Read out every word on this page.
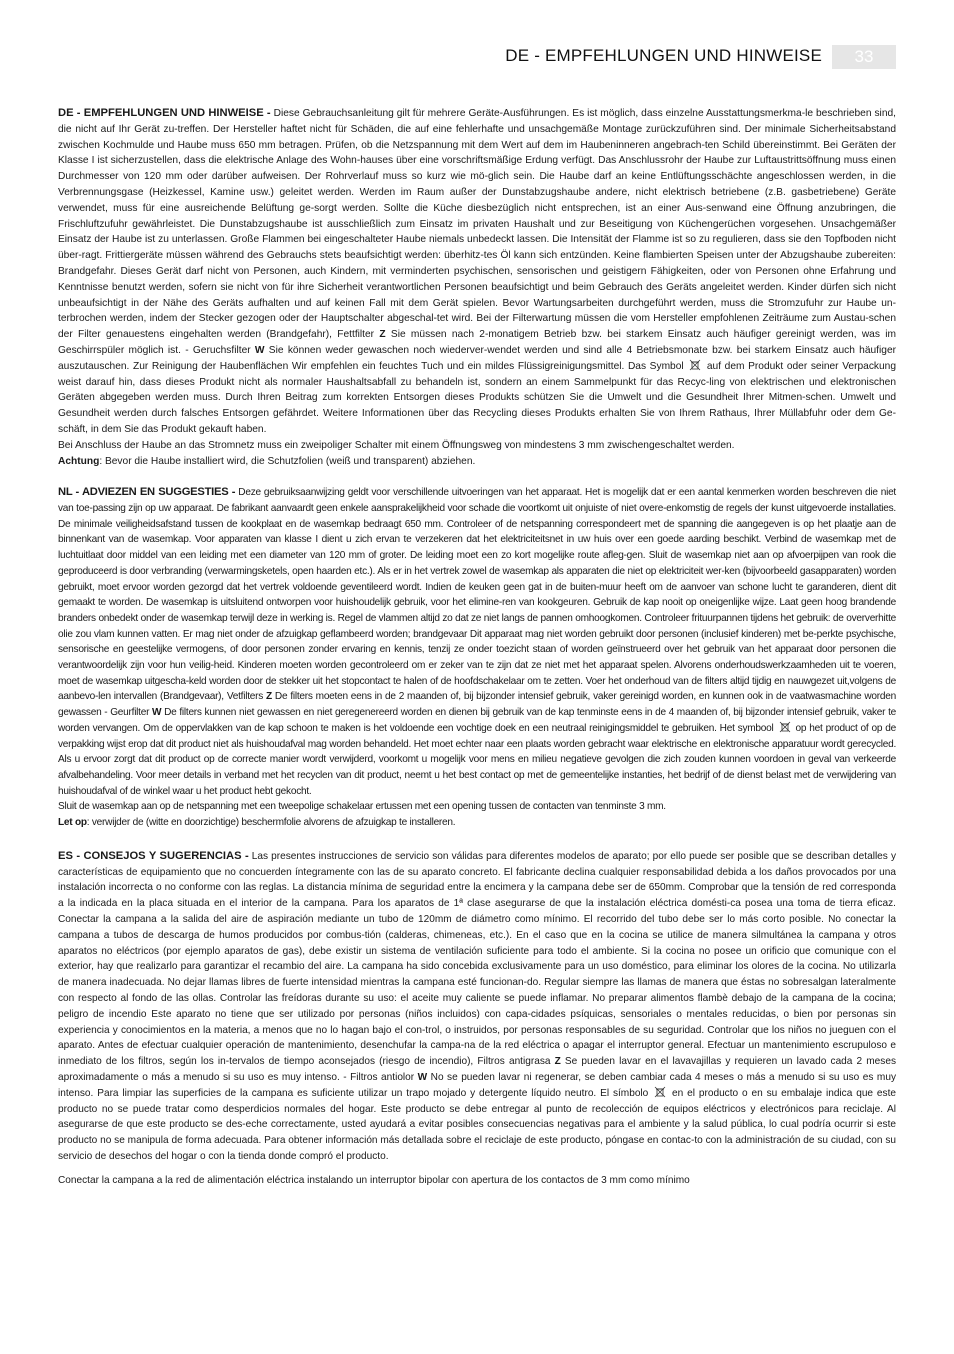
DE - EMPFEHLUNGEN UND HINWEISE	33

DE - EMPFEHLUNGEN UND HINWEISE - Diese Gebrauchsanleitung gilt für mehrere Geräte-Ausführungen. Es ist möglich, dass einzelne Ausstattungsmerkma-le beschrieben sind, die nicht auf Ihr Gerät zu-treffen. Der Hersteller haftet nicht für Schäden, die auf eine fehlerhafte und unsachgemäße Montage zurückzuführen sind. Der minimale Sicherheitsabstand zwischen Kochmulde und Haube muss 650 mm betragen. Prüfen, ob die Netzspannung mit dem Wert auf dem im Haubeninneren angebrach-ten Schild übereinstimmt. Bei Geräten der Klasse I ist sicherzustellen, dass die elektrische Anlage des Wohn-hauses über eine vorschriftsmäßige Erdung verfügt. Das Anschlussrohr der Haube zur Luftaustrittsöffnung muss einen Durchmesser von 120 mm oder darüber aufweisen. Der Rohrverlauf muss so kurz wie mö-glich sein. Die Haube darf an keine Entlüftungsschächte angeschlossen werden, in die Verbrennungsgase (Heizkessel, Kamine usw.) geleitet werden. Werden im Raum außer der Dunstabzugshaube andere, nicht elektrisch betriebene (z.B. gasbetriebene) Geräte verwendet, muss für eine ausreichende Belüftung ge-sorgt werden. Sollte die Küche diesbezüglich nicht entsprechen, ist an einer Aus-senwand eine Öffnung anzubringen, die Frischluftzufuhr gewährleistet. Die Dunstabzugshaube ist ausschließlich zum Einsatz im privaten Haushalt und zur Beseitigung von Küchengerüchen vorgesehen. Unsachgemäßer Einsatz der Haube ist zu unterlassen. Große Flammen bei eingeschalteter Haube niemals unbedeckt lassen. Die Intensität der Flamme ist so zu regulieren, dass sie den Topfboden nicht über-ragt. Frittiergeräte müssen während des Gebrauchs stets beaufsichtigt werden: überhitz-tes Öl kann sich entzünden. Keine flambierten Speisen unter der Abzugshaube zubereiten: Brandgefahr. Dieses Gerät darf nicht von Personen, auch Kindern, mit verminderten psychischen, sensorischen und geistigern Fähigkeiten, oder von Personen ohne Erfahrung und Kenntnisse benutzt werden, sofern sie nicht von für ihre Sicherheit verantwortlichen Personen beaufsichtigt und beim Gebrauch des Geräts angeleitet werden. Kinder dürfen sich nicht unbeaufsichtigt in der Nähe des Geräts aufhalten und auf keinen Fall mit dem Gerät spielen. Bevor Wartungsarbeiten durchgeführt werden, muss die Stromzufuhr zur Haube un-terbrochen werden, indem der Stecker gezogen oder der Hauptschalter abgeschal-tet wird. Bei der Filterwartung müssen die vom Hersteller empfohlenen Zeiträume zum Austau-schen der Filter genauestens eingehalten werden (Brandgefahr), Fettfilter Z Sie müssen nach 2-monatigem Betrieb bzw. bei starkem Einsatz auch häufiger gereinigt werden, was im Geschirrspüler möglich ist. - Geruchsfilter W Sie können weder gewaschen noch wiederver-wendet werden und sind alle 4 Betriebsmonate bzw. bei starkem Einsatz auch häufiger auszutauschen. Zur Reinigung der Haubenflächen Wir empfehlen ein feuchtes Tuch und ein mildes Flüssigreinigungsmittel. Das Symbol  auf dem Produkt oder seiner Verpackung weist darauf hin, dass dieses Produkt nicht als normaler Haushaltsabfall zu behandeln ist, sondern an einem Sammelpunkt für das Recyc-ling von elektrischen und elektronischen Geräten abgegeben werden muss. Durch Ihren Beitrag zum korrekten Entsorgen dieses Produkts schützen Sie die Umwelt und die Gesundheit Ihrer Mitmen-schen. Umwelt und Gesundheit werden durch falsches Entsorgen gefährdet. Weitere Informationen über das Recycling dieses Produkts erhalten Sie von Ihrem Rathaus, Ihrer Müllabfuhr oder dem Ge-schäft, in dem Sie das Produkt gekauft haben.

Bei Anschluss der Haube an das Stromnetz muss ein zweipoliger Schalter mit einem Öffnungsweg von mindestens 3 mm zwischengeschaltet werden.

Achtung: Bevor die Haube installiert wird, die Schutzfolien (weiß und transparent) abziehen.

NL - ADVIEZEN EN SUGGESTIES - Deze gebruiksaanwijzing geldt voor verschillende uitvoeringen van het apparaat. Het is mogelijk dat er een aantal kenmerken worden beschreven die niet van toe-passing zijn op uw apparaat. De fabrikant aanvaardt geen enkele aansprakelijkheid voor schade die voortkomt uit onjuiste of niet overe-enkomstig de regels der kunst uitgevoerde installaties. De minimale veiligheidsafstand tussen de kookplaat en de wasemkap bedraagt 650 mm. Controleer of de netspanning correspondeert met de spanning die aangegeven is op het plaatje aan de binnenkant van de wasemkap. Voor apparaten van klasse I dient u zich ervan te verzekeren dat het elektriciteitsnet in uw huis over een goede aarding beschikt. Verbind de wasemkap met de luchtuitlaat door middel van een leiding met een diameter van 120 mm of groter. De leiding moet een zo kort mogelijke route afleg-gen. Sluit de wasemkap niet aan op afvoerpijpen van rook die geproduceerd is door verbranding (verwarmingsketels, open haarden etc.). Als er in het vertrek zowel de wasemkap als apparaten die niet op elektriciteit wer-ken (bijvoorbeeld gasapparaten) worden gebruikt, moet ervoor worden gezorgd dat het vertrek voldoende geventileerd wordt. Indien de keuken geen gat in de buiten-muur heeft om de aanvoer van schone lucht te garanderen, dient dit gemaakt te worden. De wasemkap is uitsluitend ontworpen voor huishoudelijk gebruik, voor het elimine-ren van kookgeuren. Gebruik de kap nooit op oneigenlijke wijze. Laat geen hoog brandende branders onbedekt onder de wasemkap terwijl deze in werking is. Regel de vlammen altijd zo dat ze niet langs de pannen omhoogkomen. Controleer frituurpannen tijdens het gebruik: de oververhitte olie zou vlam kunnen vatten. Er mag niet onder de afzuigkap geflambeerd worden; brandgevaar Dit apparaat mag niet worden gebruikt door personen (inclusief kinderen) met be-perkte psychische, sensorische en geestelijke vermogens, of door personen zonder ervaring en kennis, tenzij ze onder toezicht staan of worden geïnstrueerd over het gebruik van het apparaat door personen die verantwoordelijk zijn voor hun veilig-heid. Kinderen moeten worden gecontroleerd om er zeker van te zijn dat ze niet met het apparaat spelen. Alvorens onderhoudswerkzaamheden uit te voeren, moet de wasemkap uitgescha-keld worden door de stekker uit het stopcontact te halen of de hoofdschakelaar om te zetten. Voer het onderhoud van de filters altijd tijdig en nauwgezet uit,volgens de aanbevo-len intervallen (Brandgevaar), Vetfilters Z De filters moeten eens in de 2 maanden of, bij bijzonder intensief gebruik, vaker gereinigd worden, en kunnen ook in de vaatwasmachine worden gewassen - Geurfilter W De filters kunnen niet gewassen en niet geregenereerd worden en dienen bij gebruik van de kap tenminste eens in de 4 maanden of, bij bijzonder intensief gebruik, vaker te worden vervangen. Om de oppervlakken van de kap schoon te maken is het voldoende een vochtige doek en een neutraal reinigingsmiddel te gebruiken. Het symbool  op het product of op de verpakking wijst erop dat dit product niet als huishoudafval mag worden behandeld. Het moet echter naar een plaats worden gebracht waar elektrische en elektronische apparatuur wordt gerecycled. Als u ervoor zorgt dat dit product op de correcte manier wordt verwijderd, voorkomt u mogelijk voor mens en milieu negatieve gevolgen die zich zouden kunnen voordoen in geval van verkeerde afvalbehandeling. Voor meer details in verband met het recyclen van dit product, neemt u het best contact op met de gemeentelijke instanties, het bedrijf of de dienst belast met de verwijdering van huishoudafval of de winkel waar u het product hebt gekocht.

Sluit de wasemkap aan op de netspanning met een tweepolige schakelaar ertussen met een opening tussen de contacten van tenminste 3 mm.

Let op: verwijder de (witte en doorzichtige) beschermfolie alvorens de afzuigkap te installeren.

ES - CONSEJOS Y SUGERENCIAS - Las presentes instrucciones de servicio son válidas para diferentes modelos de aparato; por ello puede ser posible que se describan detalles y características de equipamiento que no concuerden íntegramente con las de su aparato concreto. El fabricante declina cualquier responsabilidad debida a los daños provocados por una instalación incorrecta o no conforme con las reglas. La distancia mínima de seguridad entre la encimera y la campana debe ser de 650mm. Comprobar que la tensión de red corresponda a la indicada en la placa situada en el interior de la campana. Para los aparatos de 1ª clase asegurarse de que la instalación eléctrica domésti-ca posea una toma de tierra eficaz. Conectar la campana a la salida del aire de aspiración mediante un tubo de 120mm de diámetro como mínimo. El recorrido del tubo debe ser lo más corto posible. No conectar la campana a tubos de descarga de humos producidos por combus-tión (calderas, chimeneas, etc.). En el caso que en la cocina se utilice de manera silmultánea la campana y otros aparatos no eléctricos (por ejemplo aparatos de gas), debe existir un sistema de ventilación suficiente para todo el ambiente. Si la cocina no posee un orificio que comunique con el exterior, hay que realizarlo para garantizar el recambio del aire. La campana ha sido concebida exclusivamente para un uso doméstico, para eliminar los olores de la cocina. No utilizarla de manera inadecuada. No dejar llamas libres de fuerte intensidad mientras la campana esté funcionan-do. Regular siempre las llamas de manera que éstas no sobresalgan lateralmente con respecto al fondo de las ollas. Controlar las freídoras durante su uso: el aceite muy caliente se puede inflamar. No preparar alimentos flambè debajo de la campana de la cocina; peligro de incendio Este aparato no tiene que ser utilizado por personas (niños incluidos) con capa-cidades psíquicas, sensoriales o mentales reducidas, o bien por personas sin experiencia y conocimientos en la materia, a menos que no lo hagan bajo el con-trol, o instruidos, por personas responsables de su seguridad. Controlar que los niños no jueguen con el aparato. Antes de efectuar cualquier operación de mantenimiento, desenchufar la campa-na de la red eléctrica o apagar el interruptor general. Efectuar un mantenimiento escrupuloso e inmediato de los filtros, según los in-tervalos de tiempo aconsejados (riesgo de incendio), Filtros antigrasa Z Se pueden lavar en el lavavajillas y requieren un lavado cada 2 meses aproximadamente o más a menudo si su uso es muy intenso. - Filtros antiolor W No se pueden lavar ni regenerar, se deben cambiar cada 4 meses o más a menudo si su uso es muy intenso. Para limpiar las superficies de la campana es suficiente utilizar un trapo mojado y detergente líquido neutro. El símbolo  en el producto o en su embalaje indica que este producto no se puede tratar como desperdicios normales del hogar. Este producto se debe entregar al punto de recolección de equipos eléctricos y electrónicos para reciclaje. Al asegurarse de que este producto se des-eche correctamente, usted ayudará a evitar posibles consecuencias negativas para el ambiente y la salud pública, lo cual podría ocurrir si este producto no se manipula de forma adecuada. Para obtener información más detallada sobre el reciclaje de este producto, póngase en contac-to con la administración de su ciudad, con su servicio de desechos del hogar o con la tienda donde compró el producto.

Conectar la campana a la red de alimentación eléctrica instalando un interruptor bipolar con apertura de los contactos de 3 mm como mínimo
